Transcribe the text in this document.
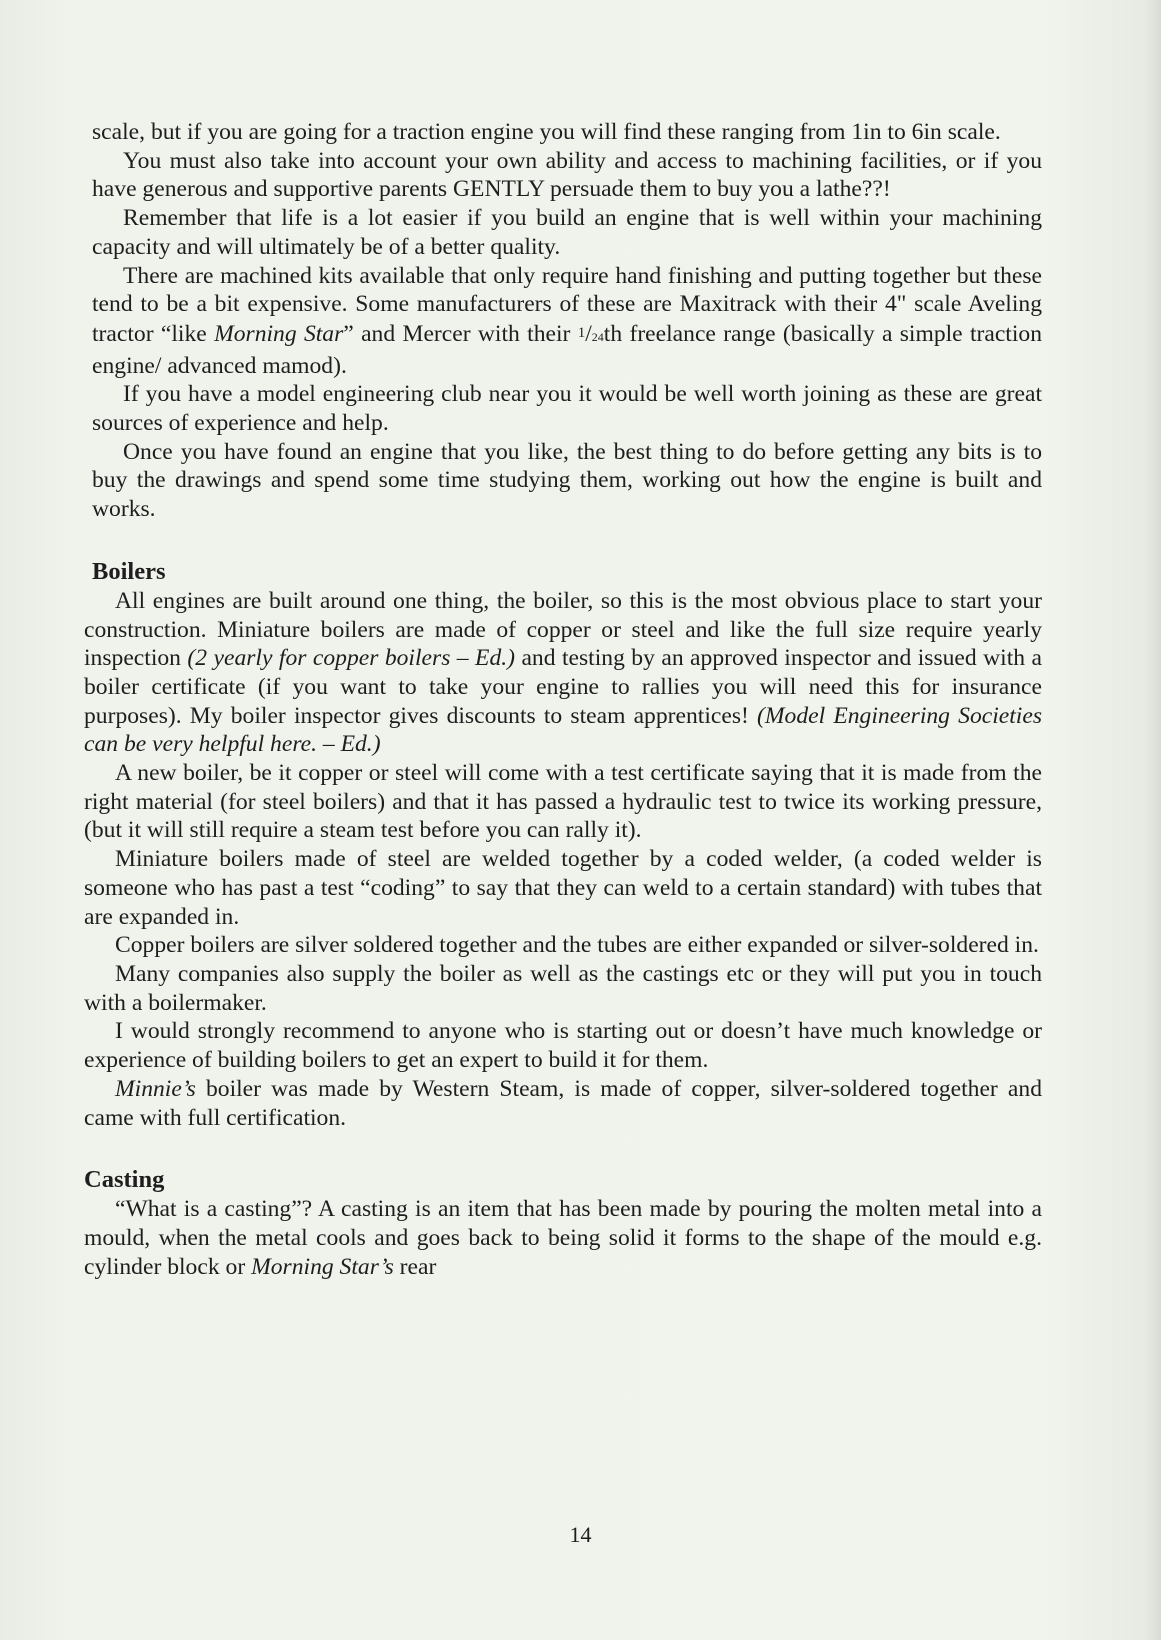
scale, but if you are going for a traction engine you will find these ranging from 1in to 6in scale.

You must also take into account your own ability and access to machining facilities, or if you have generous and supportive parents GENTLY persuade them to buy you a lathe??!

Remember that life is a lot easier if you build an engine that is well within your machining capacity and will ultimately be of a better quality.

There are machined kits available that only require hand finishing and putting together but these tend to be a bit expensive. Some manufacturers of these are Maxitrack with their 4" scale Aveling tractor “like Morning Star” and Mercer with their $^1$/24th freelance range (basically a simple traction engine/ advanced mamod).

If you have a model engineering club near you it would be well worth joining as these are great sources of experience and help.

Once you have found an engine that you like, the best thing to do before getting any bits is to buy the drawings and spend some time studying them, working out how the engine is built and works.

Boilers

All engines are built around one thing, the boiler, so this is the most obvious place to start your construction. Miniature boilers are made of copper or steel and like the full size require yearly inspection (2 yearly for copper boilers – Ed.) and testing by an approved inspector and issued with a boiler certificate (if you want to take your engine to rallies you will need this for insurance purposes). My boiler inspector gives discounts to steam apprentices! (Model Engineering Societies can be very helpful here. – Ed.)

A new boiler, be it copper or steel will come with a test certificate saying that it is made from the right material (for steel boilers) and that it has passed a hydraulic test to twice its working pressure, (but it will still require a steam test before you can rally it).

Miniature boilers made of steel are welded together by a coded welder, (a coded welder is someone who has past a test “coding” to say that they can weld to a certain standard) with tubes that are expanded in.

Copper boilers are silver soldered together and the tubes are either expanded or silver-soldered in.

Many companies also supply the boiler as well as the castings etc or they will put you in touch with a boilermaker.

I would strongly recommend to anyone who is starting out or doesn’t have much knowledge or experience of building boilers to get an expert to build it for them.

Minnie’s boiler was made by Western Steam, is made of copper, silver-soldered together and came with full certification.

Casting

“What is a casting”? A casting is an item that has been made by pouring the molten metal into a mould, when the metal cools and goes back to being solid it forms to the shape of the mould e.g. cylinder block or Morning Star’s rear

14
